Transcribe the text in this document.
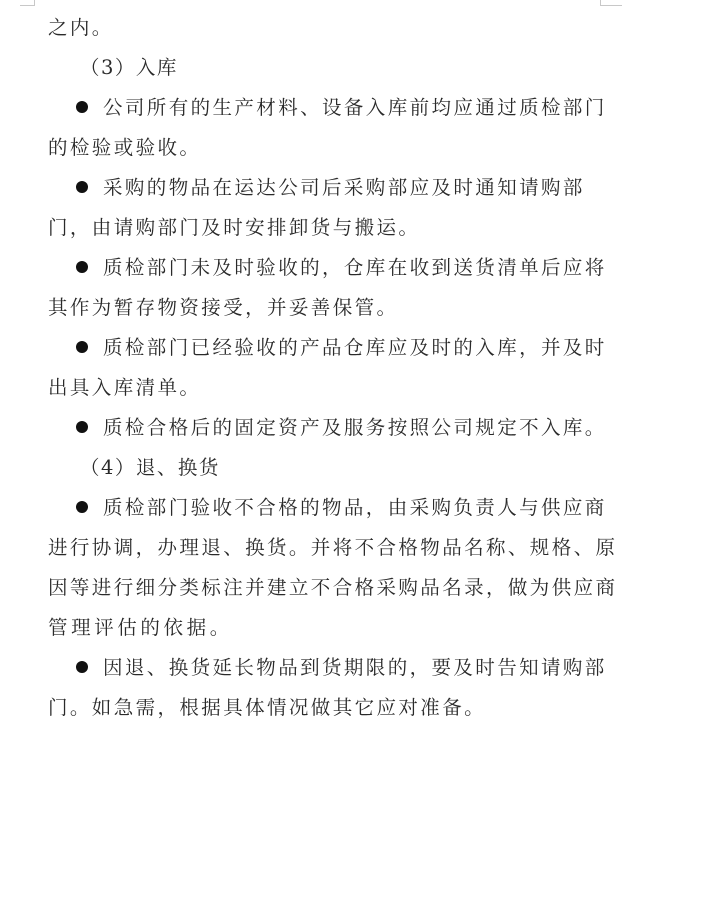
之内。
（3）入库
公司所有的生产材料、设备入库前均应通过质检部门
的检验或验收。
采购的物品在运达公司后采购部应及时通知请购部
门，由请购部门及时安排卸货与搬运。
质检部门未及时验收的，仓库在收到送货清单后应将
其作为暂存物资接受，并妥善保管。
质检部门已经验收的产品仓库应及时的入库，并及时
出具入库清单。
质检合格后的固定资产及服务按照公司规定不入库。
（4）退、换货
质检部门验收不合格的物品，由采购负责人与供应商
进行协调，办理退、换货。并将不合格物品名称、规格、原
因等进行细分类标注并建立不合格采购品名录，做为供应商
管理评估的依据。
因退、换货延长物品到货期限的，要及时告知请购部
门。如急需，根据具体情况做其它应对准备。
